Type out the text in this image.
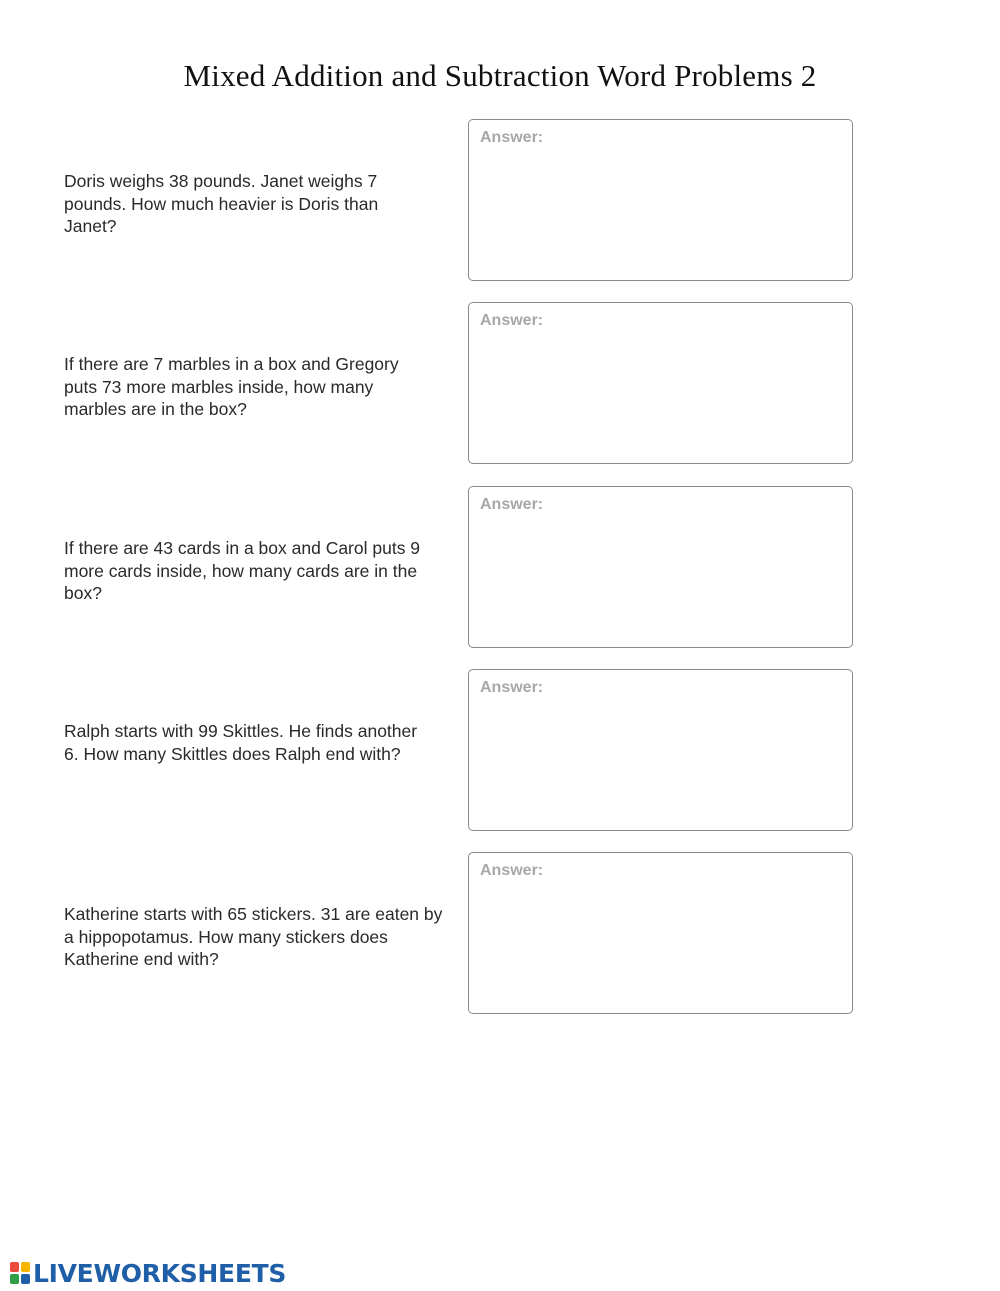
Mixed Addition and Subtraction Word Problems 2

Doris weighs 38 pounds. Janet weighs 7 pounds. How much heavier is Doris than Janet?

Answer:

If there are 7 marbles in a box and Gregory puts 73 more marbles inside, how many marbles are in the box?

Answer:

If there are 43 cards in a box and Carol puts 9 more cards inside, how many cards are in the box?

Answer:

Ralph starts with 99 Skittles. He finds another 6. How many Skittles does Ralph end with?

Answer:

Katherine starts with 65 stickers. 31 are eaten by a hippopotamus. How many stickers does Katherine end with?

Answer:

LIVEWORKSHEETS
